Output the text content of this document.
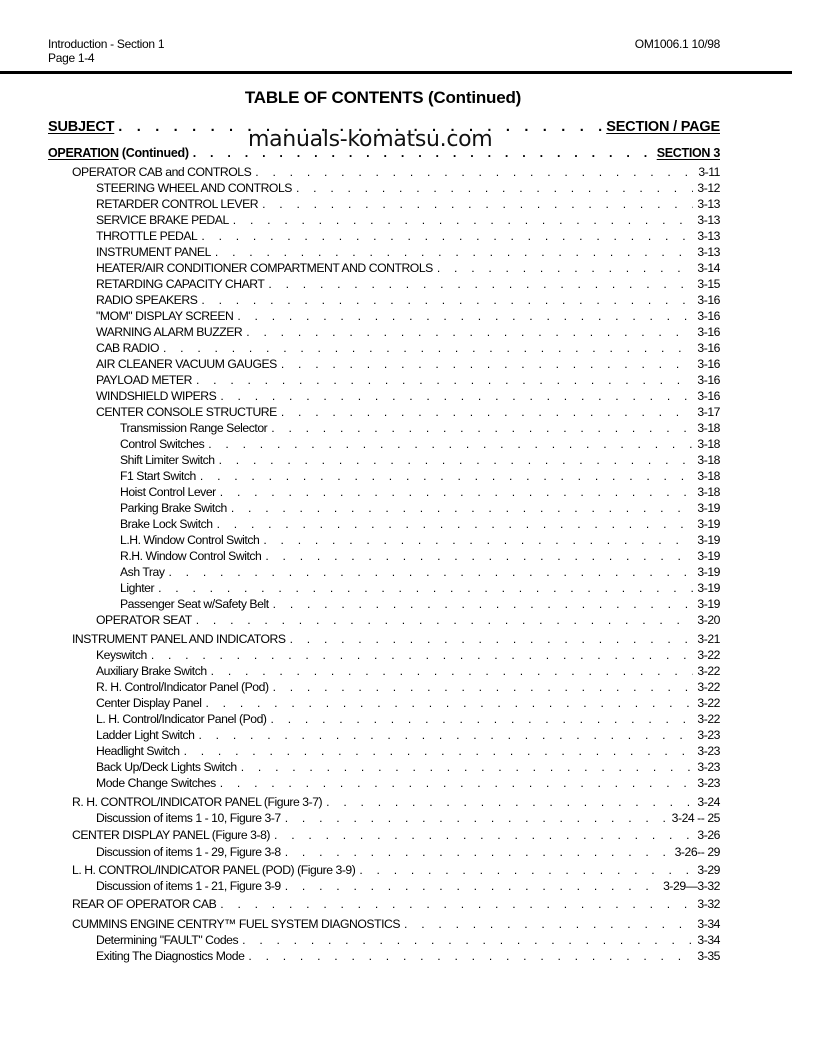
Introduction - Section 1
Page 1-4
OM1006.1 10/98
TABLE OF CONTENTS (Continued)
SUBJECT . . .	SECTION / PAGE
manuals-komatsu.com
OPERATION (Continued) . . .	SECTION 3
OPERATOR CAB and CONTROLS . . .	3-11
STEERING WHEEL AND CONTROLS . . .	3-12
RETARDER CONTROL LEVER . . .	3-13
SERVICE BRAKE PEDAL . . .	3-13
THROTTLE PEDAL . . .	3-13
INSTRUMENT PANEL . . .	3-13
HEATER/AIR CONDITIONER COMPARTMENT AND CONTROLS . . .	3-14
RETARDING CAPACITY CHART . . .	3-15
RADIO SPEAKERS . . .	3-16
"MOM" DISPLAY SCREEN . . .	3-16
WARNING ALARM BUZZER . . .	3-16
CAB RADIO . . .	3-16
AIR CLEANER VACUUM GAUGES . . .	3-16
PAYLOAD METER . . .	3-16
WINDSHIELD WIPERS . . .	3-16
CENTER CONSOLE STRUCTURE . . .	3-17
Transmission Range Selector . . .	3-18
Control Switches . . .	3-18
Shift Limiter Switch . . .	3-18
F1 Start Switch . . .	3-18
Hoist Control Lever . . .	3-18
Parking Brake Switch . . .	3-19
Brake Lock Switch . . .	3-19
L.H. Window Control Switch . . .	3-19
R.H. Window Control Switch . . .	3-19
Ash Tray . . .	3-19
Lighter . . .	3-19
Passenger Seat w/Safety Belt . . .	3-19
OPERATOR SEAT . . .	3-20
INSTRUMENT PANEL AND INDICATORS . . .	3-21
Keyswitch . . .	3-22
Auxiliary Brake Switch . . .	3-22
R. H. Control/Indicator Panel (Pod) . . .	3-22
Center Display Panel . . .	3-22
L. H. Control/Indicator Panel (Pod) . . .	3-22
Ladder Light Switch . . .	3-23
Headlight Switch . . .	3-23
Back Up/Deck Lights Switch . . .	3-23
Mode Change Switches . . .	3-23
R. H. CONTROL/INDICATOR PANEL (Figure 3-7) . . .	3-24
Discussion of items 1 - 10, Figure 3-7 . . .	3-24 -- 25
CENTER DISPLAY PANEL (Figure 3-8) . . .	3-26
Discussion of items 1 - 29, Figure 3-8 . . .	3-26-- 29
L. H. CONTROL/INDICATOR PANEL (POD) (Figure 3-9) . . .	3-29
Discussion of items 1 - 21, Figure 3-9 . . .	3-29—3-32
REAR OF OPERATOR CAB . . .	3-32
CUMMINS ENGINE CENTRY™ FUEL SYSTEM DIAGNOSTICS . . .	3-34
Determining "FAULT" Codes . . .	3-34
Exiting The Diagnostics Mode . . .	3-35
